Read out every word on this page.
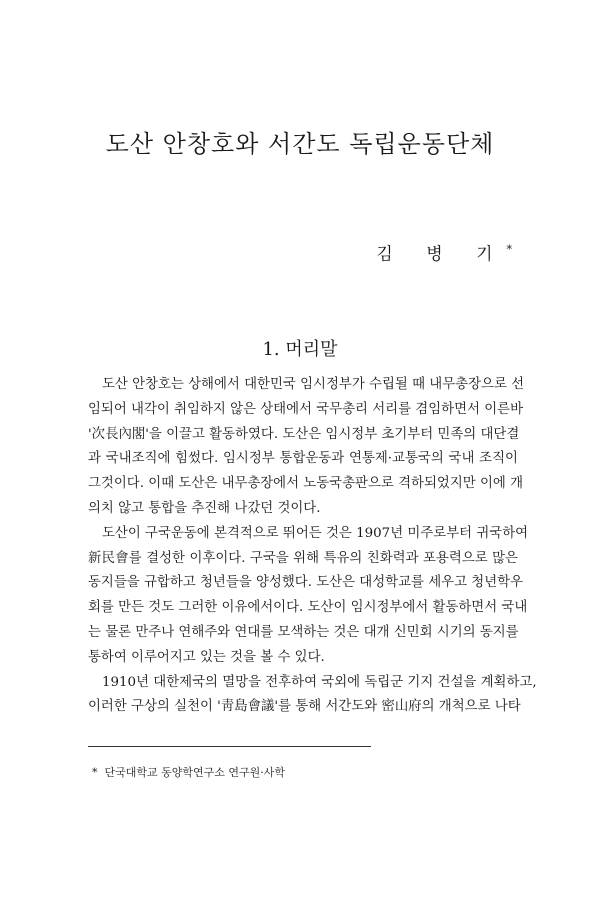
도산 안창호와 서간도 독립운동단체
김 병 기*
1. 머리말
도산 안창호는 상해에서 대한민국 임시정부가 수립될 때 내무총장으로 선
임되어 내각이 취임하지 않은 상태에서 국무총리 서리를 겸임하면서 이른바
'次長內閣'을 이끌고 활동하였다. 도산은 임시정부 초기부터 민족의 대단결
과 국내조직에 힘썼다. 임시정부 통합운동과 연통제·교통국의 국내 조직이
그것이다. 이때 도산은 내무총장에서 노동국총판으로 격하되었지만 이에 개
의치 않고 통합을 추진해 나갔던 것이다.
도산이 구국운동에 본격적으로 뛰어든 것은 1907년 미주로부터 귀국하여
新民會를 결성한 이후이다. 구국을 위해 특유의 친화력과 포용력으로 많은
동지들을 규합하고 청년들을 양성했다. 도산은 대성학교를 세우고 청년학우
회를 만든 것도 그러한 이유에서이다. 도산이 임시정부에서 활동하면서 국내
는 물론 만주나 연해주와 연대를 모색하는 것은 대개 신민회 시기의 동지를
통하여 이루어지고 있는 것을 볼 수 있다.
1910년 대한제국의 멸망을 전후하여 국외에 독립군 기지 건설을 계획하고,
이러한 구상의 실천이 '靑島會議'를 통해 서간도와 密山府의 개척으로 나타
* 단국대학교 동양학연구소 연구원·사학
